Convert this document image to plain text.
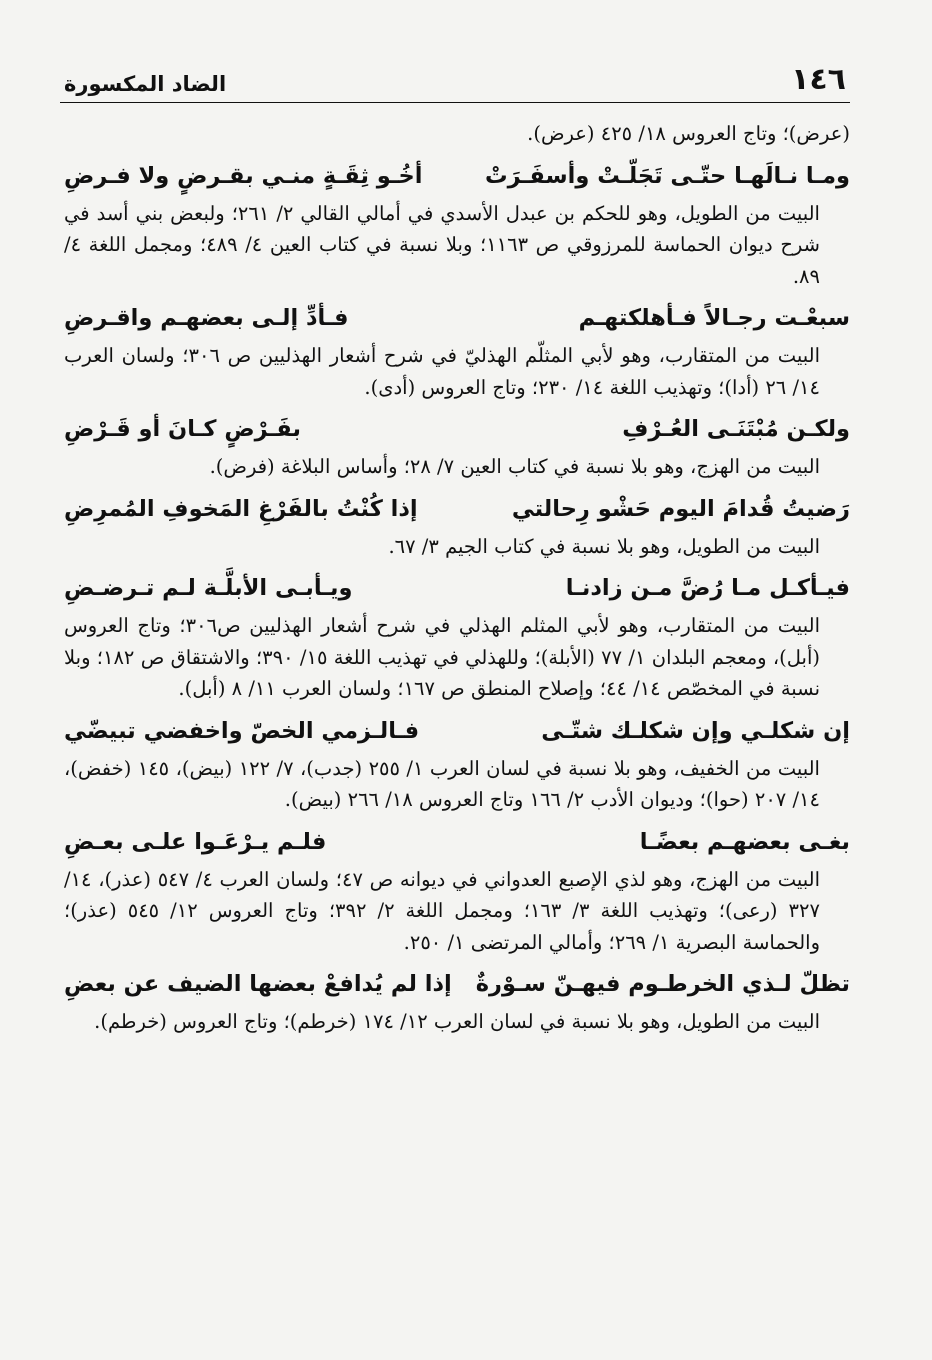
١٤٦
الضاد المكسورة

(عرض)؛ وتاج العروس ١٨/ ٤٢٥ (عرض).

ومـا نـالَهـا حتّـى تَجَلّـتْ وأسفَـرَتْ
أخُـو ثِقَـةٍ منـي بقـرضٍ ولا فـرضِ

البيت من الطويل، وهو للحكم بن عبدل الأسدي في أمالي القالي ٢/ ٢٦١؛ ولبعض بني أسد في شرح ديوان الحماسة للمرزوقي ص ١١٦٣؛ وبلا نسبة في كتاب العين ٤/ ٤٨٩؛ ومجمل اللغة ٤/ ٨٩.

سبعْـت رجـالاً فـأهلكتهـم
فـأدِّ إلـى بعضهـم واقـرضِ

البيت من المتقارب، وهو لأبي المثلّم الهذليّ في شرح أشعار الهذليين ص ٣٠٦؛ ولسان العرب ١٤/ ٢٦ (أدا)؛ وتهذيب اللغة ١٤/ ٢٣٠؛ وتاج العروس (أدى).

ولكـن مُبْتَنَـى العُـرْفِ
بفَـرْضٍ كـانَ أو قَـرْضِ

البيت من الهزج، وهو بلا نسبة في كتاب العين ٧/ ٢٨؛ وأساس البلاغة (فرض).

رَضيتُ قُدامَ اليوم حَشْو رِحالتي
إذا كُنْتُ بالفَرْغِ المَخوفِ المُمرِضِ

البيت من الطويل، وهو بلا نسبة في كتاب الجيم ٣/ ٦٧.

فيـأكـل مـا رُضَّ مـن زادنـا
ويـأبـى الأبلَّـة لـم تـرضـضِ

البيت من المتقارب، وهو لأبي المثلم الهذلي في شرح أشعار الهذليين ص٣٠٦؛ وتاج العروس (أبل)، ومعجم البلدان ١/ ٧٧ (الأبلة)؛ وللهذلي في تهذيب اللغة ١٥/ ٣٩٠؛ والاشتقاق ص ١٨٢؛ وبلا نسبة في المخصّص ١٤/ ٤٤؛ وإصلاح المنطق ص ١٦٧؛ ولسان العرب ١١/ ٨ (أبل).

إن شكلـي وإن شكلـك شتّـى
فـالـزمي الخصّ واخفضي تبيضّي

البيت من الخفيف، وهو بلا نسبة في لسان العرب ١/ ٢٥٥ (جدب)، ٧/ ١٢٢ (بيض)، ١٤٥ (خفض)، ١٤/ ٢٠٧ (حوا)؛ وديوان الأدب ٢/ ١٦٦ وتاج العروس ١٨/ ٢٦٦ (بيض).

بغـى بعضهـم بعضًـا
فلـم يـرْعَـوا علـى بعـضِ

البيت من الهزج، وهو لذي الإصبع العدواني في ديوانه ص ٤٧؛ ولسان العرب ٤/ ٥٤٧ (عذر)، ١٤/ ٣٢٧ (رعى)؛ وتهذيب اللغة ٣/ ١٦٣؛ ومجمل اللغة ٢/ ٣٩٢؛ وتاج العروس ١٢/ ٥٤٥ (عذر)؛ والحماسة البصرية ١/ ٢٦٩؛ وأمالي المرتضى ١/ ٢٥٠.

تظلّ لـذي الخرطـوم فيهـنّ سـوْرةٌ
إذا لم يُدافعْ بعضها الضيف عن بعضِ

البيت من الطويل، وهو بلا نسبة في لسان العرب ١٢/ ١٧٤ (خرطم)؛ وتاج العروس (خرطم).
